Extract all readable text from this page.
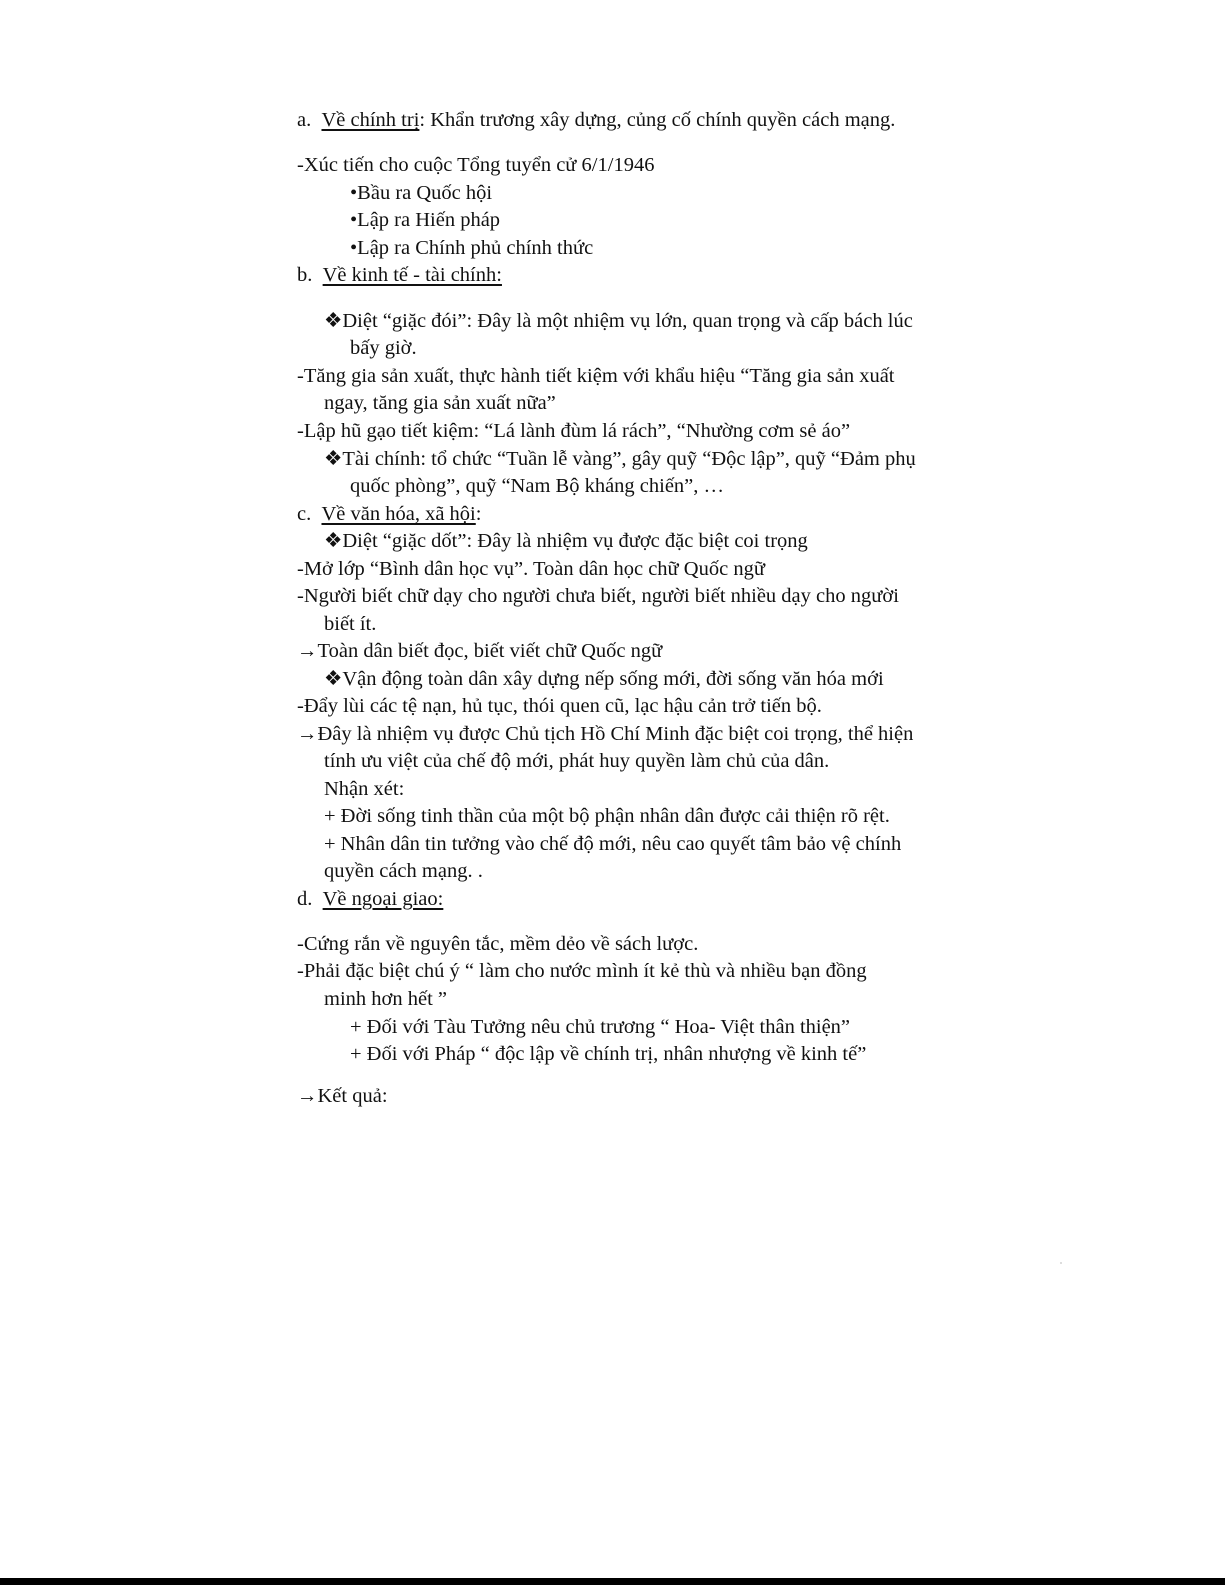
a. Về chính trị: Khẩn trương xây dựng, củng cố chính quyền cách mạng.
-Xúc tiến cho cuộc Tổng tuyển cử 6/1/1946
•Bầu ra Quốc hội
•Lập ra Hiến pháp
•Lập ra Chính phủ chính thức
b. Về kinh tế - tài chính:
❖Diệt “giặc đói”: Đây là một nhiệm vụ lớn, quan trọng và cấp bách lúc
bấy giờ.
-Tăng gia sản xuất, thực hành tiết kiệm với khẩu hiệu “Tăng gia sản xuất
ngay, tăng gia sản xuất nữa”
-Lập hũ gạo tiết kiệm: “Lá lành đùm lá rách”, “Nhường cơm sẻ áo”
❖Tài chính: tổ chức “Tuần lễ vàng”, gây quỹ “Độc lập”, quỹ “Đảm phụ
quốc phòng”, quỹ “Nam Bộ kháng chiến”, …
c. Về văn hóa, xã hội:
❖Diệt “giặc dốt”: Đây là nhiệm vụ được đặc biệt coi trọng
-Mở lớp “Bình dân học vụ”. Toàn dân học chữ Quốc ngữ
-Người biết chữ dạy cho người chưa biết, người biết nhiều dạy cho người
biết ít.
→Toàn dân biết đọc, biết viết chữ Quốc ngữ
❖Vận động toàn dân xây dựng nếp sống mới, đời sống văn hóa mới
-Đẩy lùi các tệ nạn, hủ tục, thói quen cũ, lạc hậu cản trở tiến bộ.
→Đây là nhiệm vụ được Chủ tịch Hồ Chí Minh đặc biệt coi trọng, thể hiện
tính ưu việt của chế độ mới, phát huy quyền làm chủ của dân.
Nhận xét:
+ Đời sống tinh thần của một bộ phận nhân dân được cải thiện rõ rệt.
+ Nhân dân tin tưởng vào chế độ mới, nêu cao quyết tâm bảo vệ chính
quyền cách mạng. .
d. Về ngoại giao:
-Cứng rắn về nguyên tắc, mềm dẻo về sách lược.
-Phải đặc biệt chú ý “ làm cho nước mình ít kẻ thù và nhiều bạn đồng
minh hơn hết ”
+ Đối với Tàu Tưởng nêu chủ trương “ Hoa- Việt thân thiện”
+ Đối với Pháp “ độc lập về chính trị, nhân nhượng về kinh tế”
→Kết quả:
